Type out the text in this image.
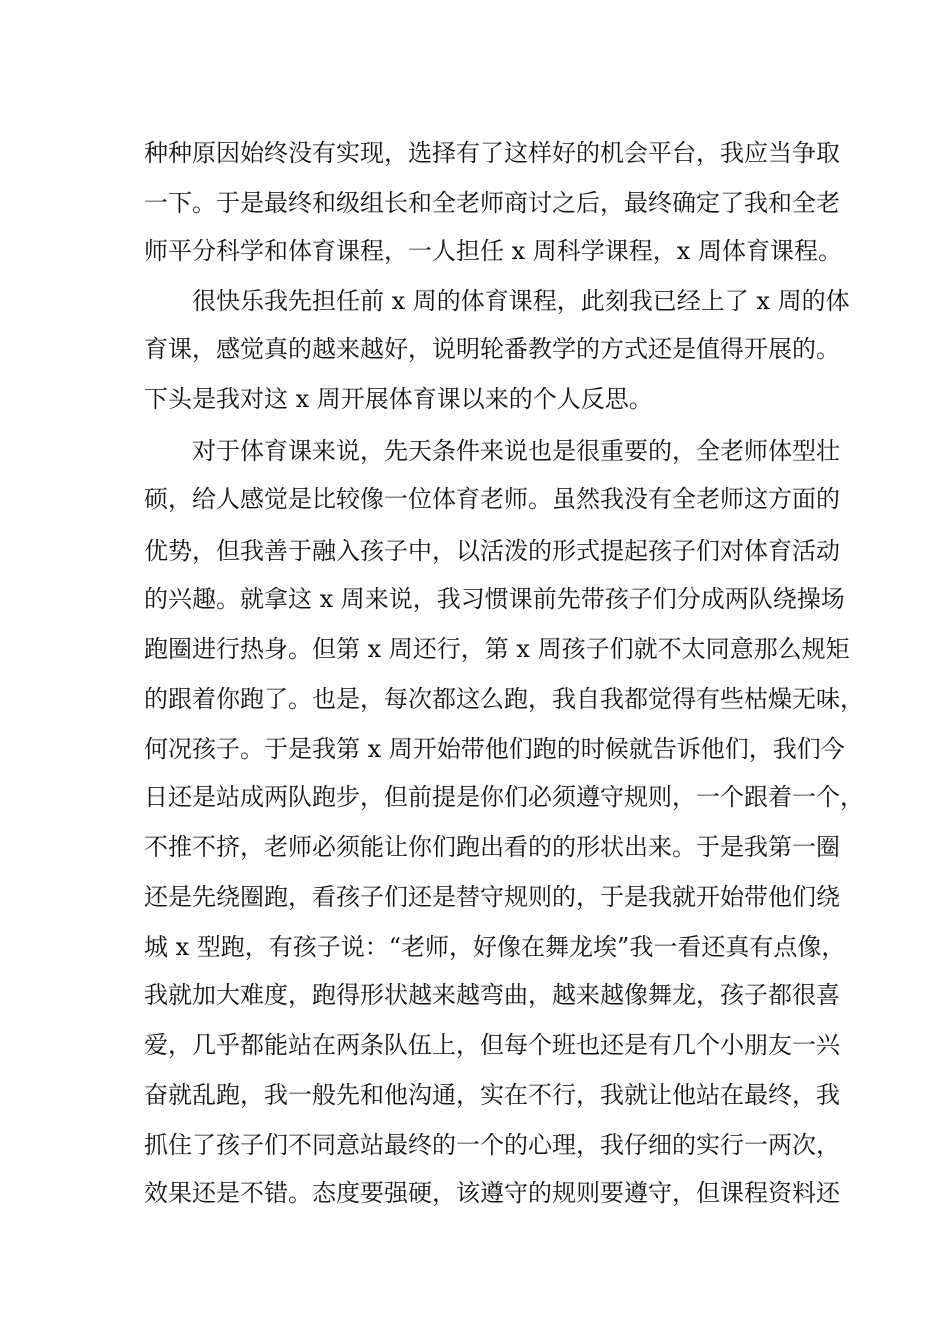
种种原因始终没有实现，选择有了这样好的机会平台，我应当争取
一下。于是最终和级组长和全老师商讨之后，最终确定了我和全老
师平分科学和体育课程，一人担任 x 周科学课程，x 周体育课程。
很快乐我先担任前 x 周的体育课程，此刻我已经上了 x 周的体
育课，感觉真的越来越好，说明轮番教学的方式还是值得开展的。
下头是我对这 x 周开展体育课以来的个人反思。
对于体育课来说，先天条件来说也是很重要的，全老师体型壮
硕，给人感觉是比较像一位体育老师。虽然我没有全老师这方面的
优势，但我善于融入孩子中，以活泼的形式提起孩子们对体育活动
的兴趣。就拿这 x 周来说，我习惯课前先带孩子们分成两队绕操场
跑圈进行热身。但第 x 周还行，第 x 周孩子们就不太同意那么规矩
的跟着你跑了。也是，每次都这么跑，我自我都觉得有些枯燥无味，
何况孩子。于是我第 x 周开始带他们跑的时候就告诉他们，我们今
日还是站成两队跑步，但前提是你们必须遵守规则，一个跟着一个，
不推不挤，老师必须能让你们跑出看的的形状出来。于是我第一圈
还是先绕圈跑，看孩子们还是替守规则的，于是我就开始带他们绕
城 x 型跑，有孩子说：“老师，好像在舞龙埃”我一看还真有点像，
我就加大难度，跑得形状越来越弯曲，越来越像舞龙，孩子都很喜
爱，几乎都能站在两条队伍上，但每个班也还是有几个小朋友一兴
奋就乱跑，我一般先和他沟通，实在不行，我就让他站在最终，我
抓住了孩子们不同意站最终的一个的心理，我仔细的实行一两次，
效果还是不错。态度要强硬，该遵守的规则要遵守，但课程资料还
